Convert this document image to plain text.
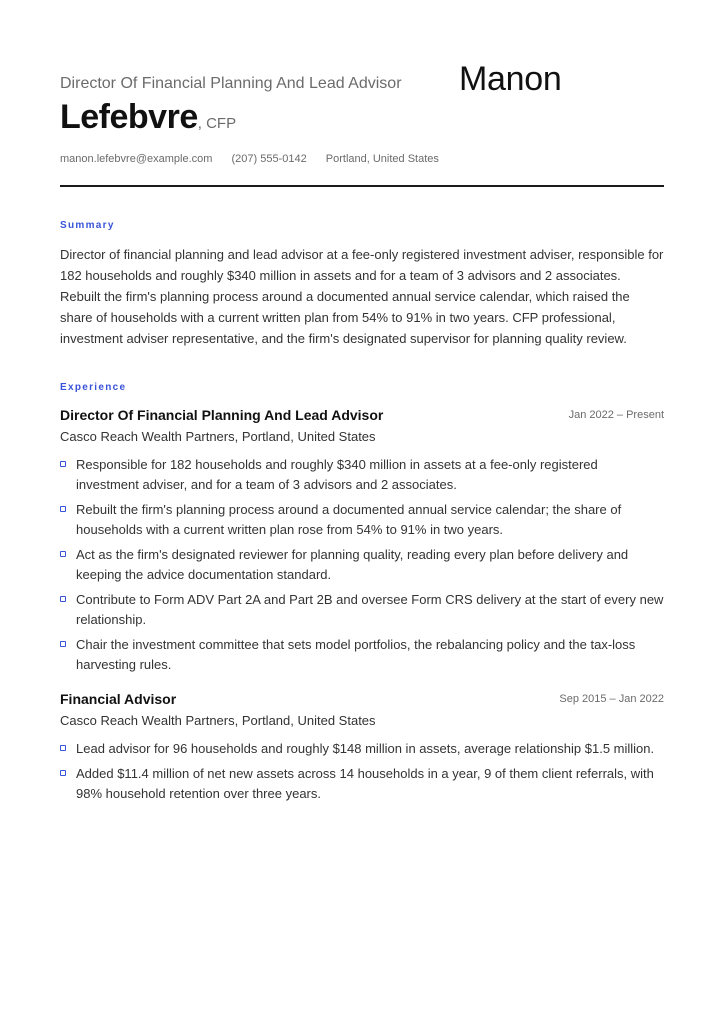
Director Of Financial Planning And Lead Advisor Manon
Lefebvre, CFP
manon.lefebvre@example.com (207) 555-0142 Portland, United States
Summary
Director of financial planning and lead advisor at a fee-only registered investment adviser, responsible for 182 households and roughly $340 million in assets and for a team of 3 advisors and 2 associates. Rebuilt the firm's planning process around a documented annual service calendar, which raised the share of households with a current written plan from 54% to 91% in two years. CFP professional, investment adviser representative, and the firm's designated supervisor for planning quality review.
Experience
Director Of Financial Planning And Lead Advisor	Jan 2022 – Present
Casco Reach Wealth Partners, Portland, United States
Responsible for 182 households and roughly $340 million in assets at a fee-only registered investment adviser, and for a team of 3 advisors and 2 associates.
Rebuilt the firm's planning process around a documented annual service calendar; the share of households with a current written plan rose from 54% to 91% in two years.
Act as the firm's designated reviewer for planning quality, reading every plan before delivery and keeping the advice documentation standard.
Contribute to Form ADV Part 2A and Part 2B and oversee Form CRS delivery at the start of every new relationship.
Chair the investment committee that sets model portfolios, the rebalancing policy and the tax-loss harvesting rules.
Financial Advisor	Sep 2015 – Jan 2022
Casco Reach Wealth Partners, Portland, United States
Lead advisor for 96 households and roughly $148 million in assets, average relationship $1.5 million.
Added $11.4 million of net new assets across 14 households in a year, 9 of them client referrals, with 98% household retention over three years.
